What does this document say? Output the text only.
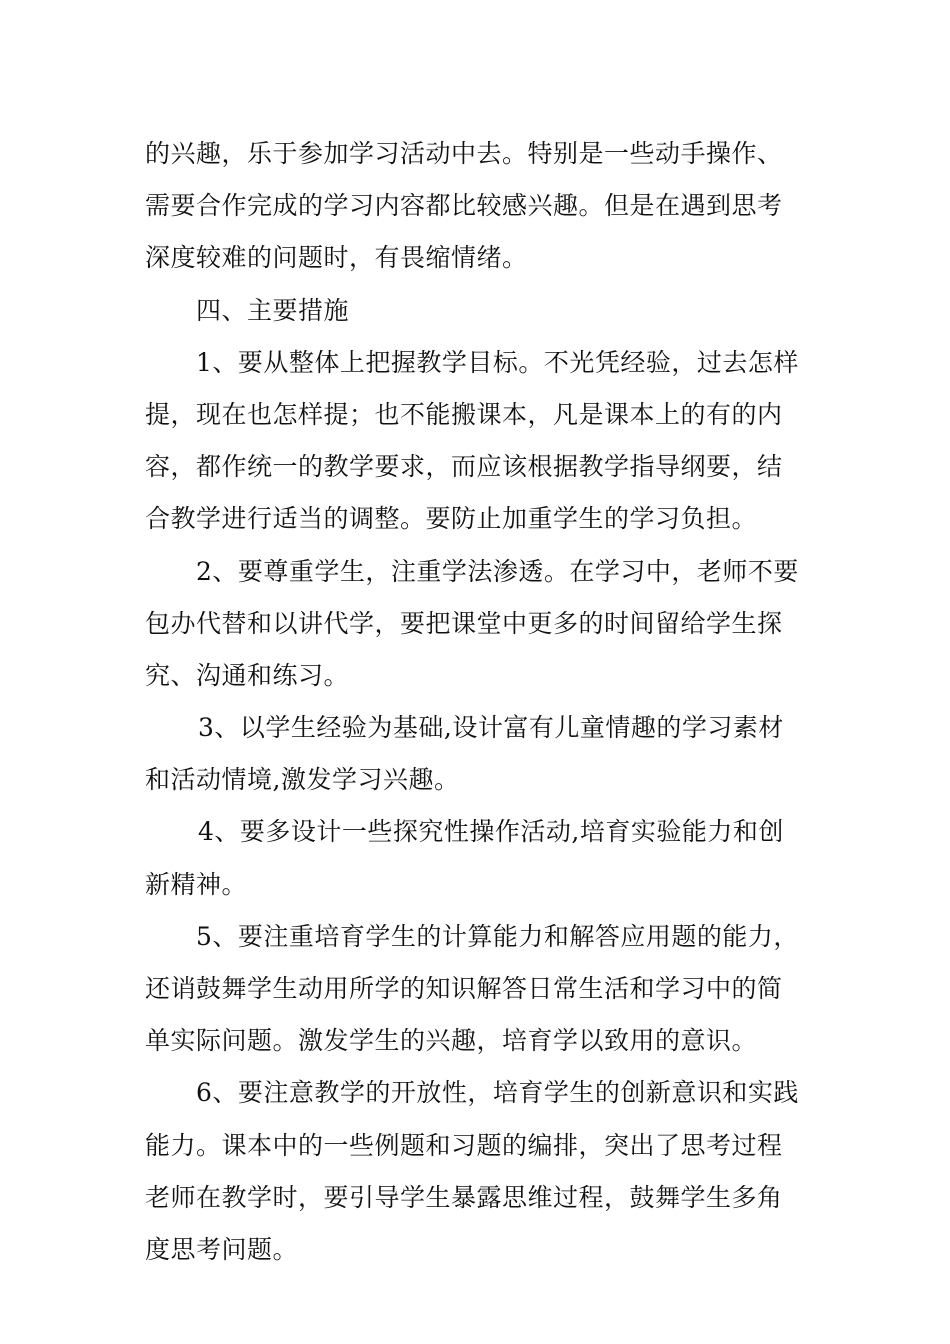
的兴趣，乐于参加学习活动中去。特别是一些动手操作、
需要合作完成的学习内容都比较感兴趣。但是在遇到思考
深度较难的问题时，有畏缩情绪。
四、主要措施
1、要从整体上把握教学目标。不光凭经验，过去怎样
提，现在也怎样提；也不能搬课本，凡是课本上的有的内
容，都作统一的教学要求，而应该根据教学指导纲要，结
合教学进行适当的调整。要防止加重学生的学习负担。
2、要尊重学生，注重学法渗透。在学习中，老师不要
包办代替和以讲代学，要把课堂中更多的时间留给学生探
究、沟通和练习。
3、以学生经验为基础,设计富有儿童情趣的学习素材
和活动情境,激发学习兴趣。
4、要多设计一些探究性操作活动,培育实验能力和创
新精神。
5、要注重培育学生的计算能力和解答应用题的能力，
还诮鼓舞学生动用所学的知识解答日常生活和学习中的简
单实际问题。激发学生的兴趣，培育学以致用的意识。
6、要注意教学的开放性，培育学生的创新意识和实践
能力。课本中的一些例题和习题的编排，突出了思考过程
老师在教学时，要引导学生暴露思维过程，鼓舞学生多角
度思考问题。
